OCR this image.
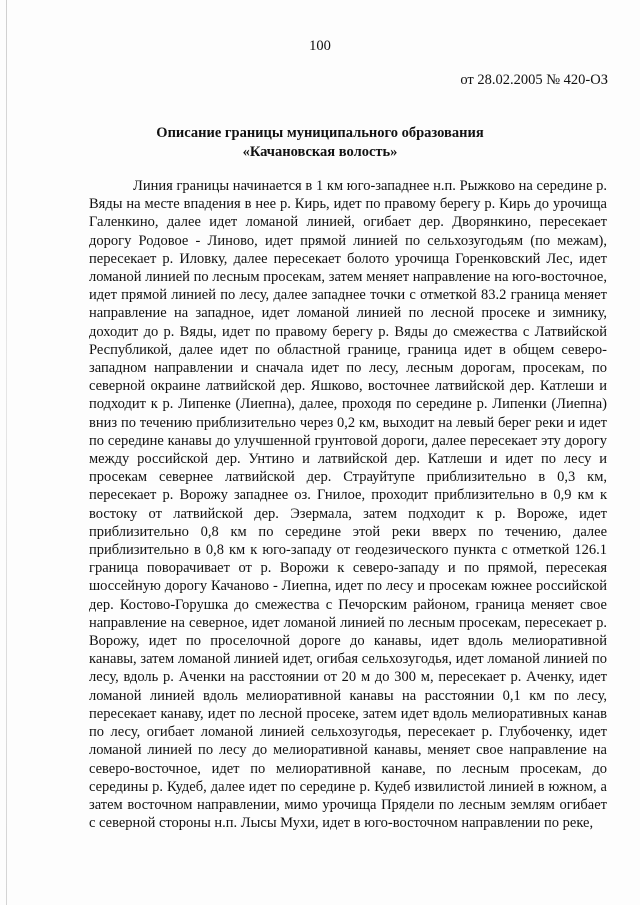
100
от 28.02.2005 № 420-ОЗ
Описание границы муниципального образования
«Качановская волость»

Линия границы начинается в 1 км юго-западнее н.п. Рыжково на середине р. Вяды на месте впадения в нее р. Кирь, идет по правому берегу р. Кирь до урочища Галенкино, далее идет ломаной линией, огибает дер. Дворянкино, пересекает дорогу Родовое - Линово, идет прямой линией по сельхозугодьям (по межам), пересекает р. Иловку, далее пересекает болото урочища Горенковский Лес, идет ломаной линией по лесным просекам, затем меняет направление на юго-восточное, идет прямой линией по лесу, далее западнее точки с отметкой 83.2 граница меняет направление на западное, идет ломаной линией по лесной просеке и зимнику, доходит до р. Вяды, идет по правому берегу р. Вяды до смежества с Латвийской Республикой, далее идет по областной границе, граница идет в общем северо-западном направлении и сначала идет по лесу, лесным дорогам, просекам, по северной окраине латвийской дер. Яшково, восточнее латвийской дер. Катлеши и подходит к р. Липенке (Лиепна), далее, проходя по середине р. Липенки (Лиепна) вниз по течению приблизительно через 0,2 км, выходит на левый берег реки и идет по середине канавы до улучшенной грунтовой дороги, далее пересекает эту дорогу между российской дер. Унтино и латвийской дер. Катлеши и идет по лесу и просекам севернее латвийской дер. Страуйтупе приблизительно в 0,3 км, пересекает р. Ворожу западнее оз. Гнилое, проходит приблизительно в 0,9 км к востоку от латвийской дер. Эзермала, затем подходит к р. Вороже, идет приблизительно 0,8 км по середине этой реки вверх по течению, далее приблизительно в 0,8 км к юго-западу от геодезического пункта с отметкой 126.1 граница поворачивает от р. Ворожи к северо-западу и по прямой, пересекая шоссейную дорогу Качаново - Лиепна, идет по лесу и просекам южнее российской дер. Костово-Горушка до смежества с Печорским районом, граница меняет свое направление на северное, идет ломаной линией по лесным просекам, пересекает р. Ворожу, идет по проселочной дороге до канавы, идет вдоль мелиоративной канавы, затем ломаной линией идет, огибая сельхозугодья, идет ломаной линией по лесу, вдоль р. Аченки на расстоянии от 20 м до 300 м, пересекает р. Аченку, идет ломаной линией вдоль мелиоративной канавы на расстоянии 0,1 км по лесу, пересекает канаву, идет по лесной просеке, затем идет вдоль мелиоративных канав по лесу, огибает ломаной линией сельхозугодья, пересекает р. Глубоченку, идет ломаной линией по лесу до мелиоративной канавы, меняет свое направление на северо-восточное, идет по мелиоративной канаве, по лесным просекам, до середины р. Кудеб, далее идет по середине р. Кудеб извилистой линией в южном, а затем восточном направлении, мимо урочища Прядели по лесным землям огибает с северной стороны н.п. Лысы Мухи, идет в юго-восточном направлении по реке,
